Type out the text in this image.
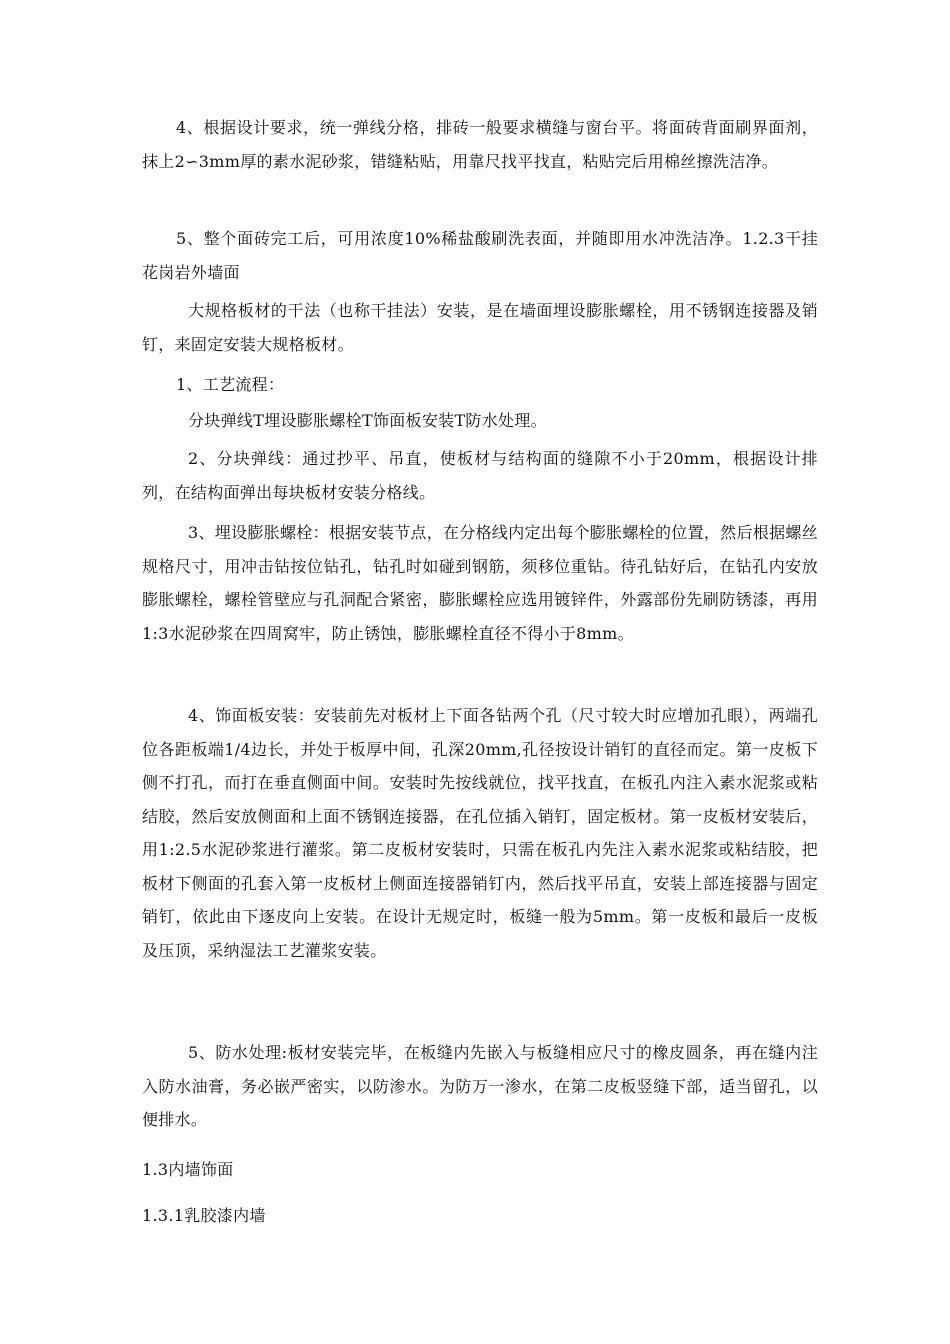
4、根据设计要求，统一弹线分格，排砖一般要求横缝与窗台平。将面砖背面刷界面剂，抹上2∽3mm厚的素水泥砂浆，错缝粘贴，用靠尺找平找直，粘贴完后用棉丝擦洗洁净。

5、整个面砖完工后，可用浓度10%稀盐酸刷洗表面，并随即用水冲洗洁净。1.2.3干挂花岗岩外墙面

大规格板材的干法（也称干挂法）安装，是在墙面埋设膨胀螺栓，用不锈钢连接器及销钉，来固定安装大规格板材。

1、工艺流程：

分块弹线T埋设膨胀螺栓T饰面板安装T防水处理。

2、分块弹线：通过抄平、吊直，使板材与结构面的缝隙不小于20mm，根据设计排列，在结构面弹出每块板材安装分格线。

3、埋设膨胀螺栓：根据安装节点，在分格线内定出每个膨胀螺栓的位置，然后根据螺丝规格尺寸，用冲击钻按位钻孔，钻孔时如碰到钢筋，须移位重钻。待孔钻好后，在钻孔内安放膨胀螺栓，螺栓管壁应与孔洞配合紧密，膨胀螺栓应选用镀锌件，外露部份先刷防锈漆，再用1:3水泥砂浆在四周窝牢，防止锈蚀，膨胀螺栓直径不得小于8mm。

4、饰面板安装：安装前先对板材上下面各钻两个孔（尺寸较大时应增加孔眼），两端孔位各距板端1/4边长，并处于板厚中间，孔深20mm,孔径按设计销钉的直径而定。第一皮板下侧不打孔，而打在垂直侧面中间。安装时先按线就位，找平找直，在板孔内注入素水泥浆或粘结胶，然后安放侧面和上面不锈钢连接器，在孔位插入销钉，固定板材。第一皮板材安装后，用1:2.5水泥砂浆进行灌浆。第二皮板材安装时，只需在板孔内先注入素水泥浆或粘结胶，把板材下侧面的孔套入第一皮板材上侧面连接器销钉内，然后找平吊直，安装上部连接器与固定销钉，依此由下逐皮向上安装。在设计无规定时，板缝一般为5mm。第一皮板和最后一皮板及压顶，采纳湿法工艺灌浆安装。

5、防水处理:板材安装完毕，在板缝内先嵌入与板缝相应尺寸的橡皮圆条，再在缝内注入防水油膏，务必嵌严密实，以防渗水。为防万一渗水，在第二皮板竖缝下部，适当留孔，以便排水。

1.3内墙饰面

1.3.1乳胶漆内墙
